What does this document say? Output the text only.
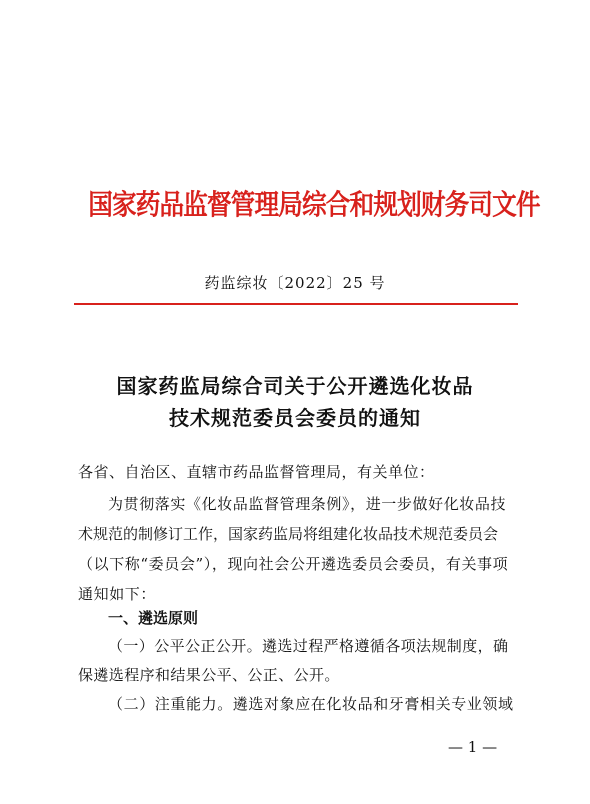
国家药品监督管理局综合和规划财务司文件
药监综妆〔2022〕25 号
国家药监局综合司关于公开遴选化妆品
技术规范委员会委员的通知
各省、自治区、直辖市药品监督管理局，有关单位：
为贯彻落实《化妆品监督管理条例》，进一步做好化妆品技
术规范的制修订工作，国家药监局将组建化妆品技术规范委员会
（以下称“委员会”），现向社会公开遴选委员会委员，有关事项
通知如下：
一、遴选原则
（一）公平公正公开。遴选过程严格遵循各项法规制度，确
保遴选程序和结果公平、公正、公开。
（二）注重能力。遴选对象应在化妆品和牙膏相关专业领域
— 1 —
